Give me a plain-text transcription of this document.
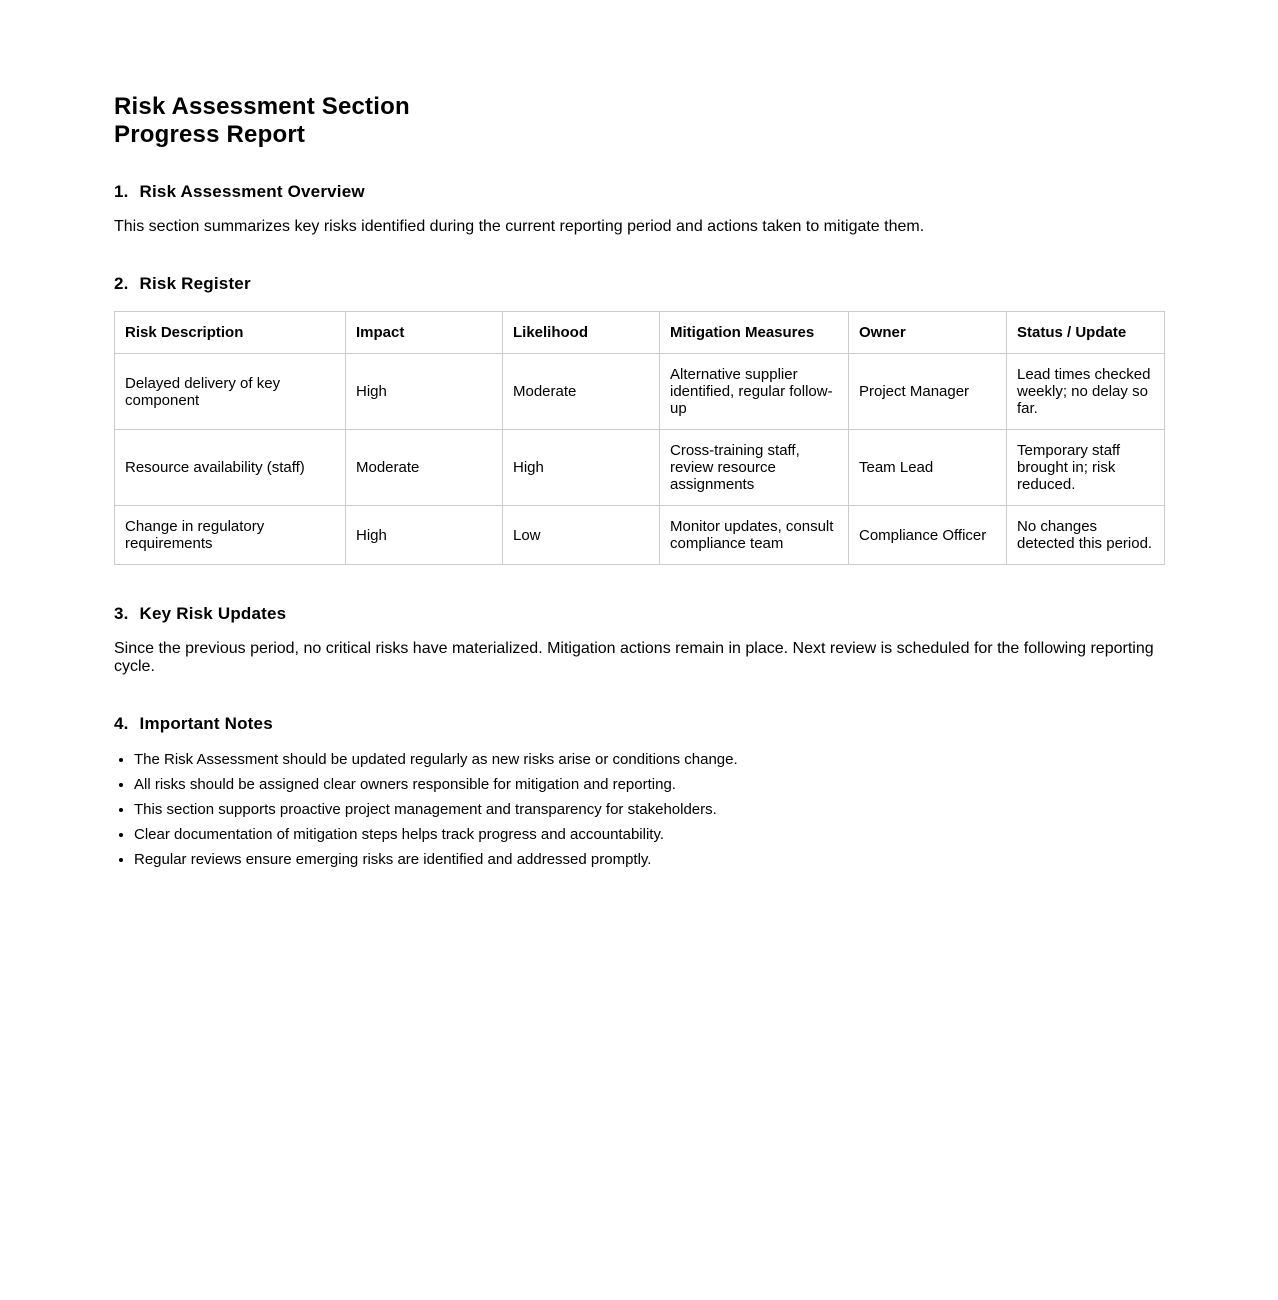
Risk Assessment Section
Progress Report
1. Risk Assessment Overview

This section summarizes key risks identified during the current reporting period and actions taken to mitigate them.

2. Risk Register
Risk Description	Impact	Likelihood	Mitigation Measures	Owner	Status / Update
Delayed delivery of key component	High	Moderate	Alternative supplier identified, regular follow-up	Project Manager	Lead times checked weekly; no delay so far.
Resource availability (staff)	Moderate	High	Cross-training staff, review resource assignments	Team Lead	Temporary staff brought in; risk reduced.
Change in regulatory requirements	High	Low	Monitor updates, consult compliance team	Compliance Officer	No changes detected this period.
3. Key Risk Updates

Since the previous period, no critical risks have materialized. Mitigation actions remain in place. Next review is scheduled for the following reporting cycle.

4. Important Notes
• The Risk Assessment should be updated regularly as new risks arise or conditions change.
• All risks should be assigned clear owners responsible for mitigation and reporting.
• This section supports proactive project management and transparency for stakeholders.
• Clear documentation of mitigation steps helps track progress and accountability.
• Regular reviews ensure emerging risks are identified and addressed promptly.
